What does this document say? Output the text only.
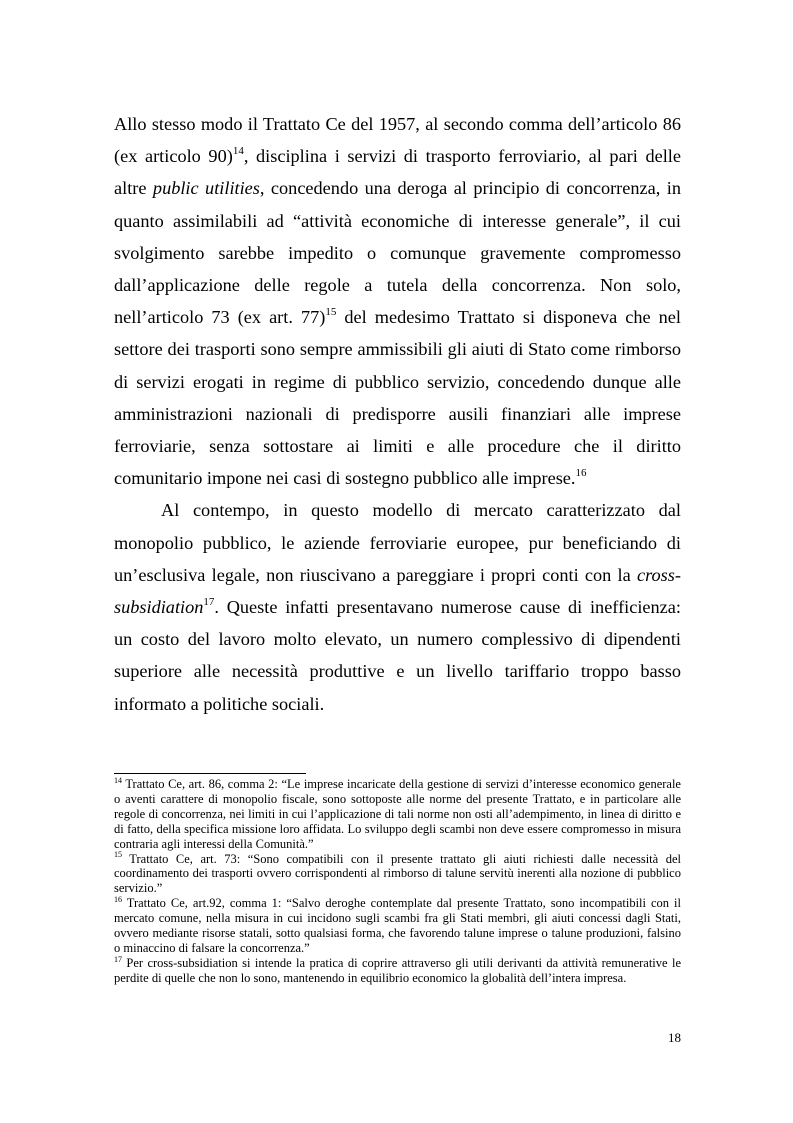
Allo stesso modo il Trattato Ce del 1957, al secondo comma dell’articolo 86 (ex articolo 90)$^{14}$, disciplina i servizi di trasporto ferroviario, al pari delle altre public utilities, concedendo una deroga al principio di concorrenza, in quanto assimilabili ad “attività economiche di interesse generale”, il cui svolgimento sarebbe impedito o comunque gravemente compromesso dall’applicazione delle regole a tutela della concorrenza. Non solo, nell’articolo 73 (ex art. 77)$^{15}$ del medesimo Trattato si disponeva che nel settore dei trasporti sono sempre ammissibili gli aiuti di Stato come rimborso di servizi erogati in regime di pubblico servizio, concedendo dunque alle amministrazioni nazionali di predisporre ausili finanziari alle imprese ferroviarie, senza sottostare ai limiti e alle procedure che il diritto comunitario impone nei casi di sostegno pubblico alle imprese.$^{16}$

Al contempo, in questo modello di mercato caratterizzato dal monopolio pubblico, le aziende ferroviarie europee, pur beneficiando di un’esclusiva legale, non riuscivano a pareggiare i propri conti con la cross-subsidiation$^{17}$. Queste infatti presentavano numerose cause di inefficienza: un costo del lavoro molto elevato, un numero complessivo di dipendenti superiore alle necessità produttive e un livello tariffario troppo basso informato a politiche sociali.

$^{14}$ Trattato Ce, art. 86, comma 2: “Le imprese incaricate della gestione di servizi d’interesse economico generale o aventi carattere di monopolio fiscale, sono sottoposte alle norme del presente Trattato, e in particolare alle regole di concorrenza, nei limiti in cui l’applicazione di tali norme non osti all’adempimento, in linea di diritto e di fatto, della specifica missione loro affidata. Lo sviluppo degli scambi non deve essere compromesso in misura contraria agli interessi della Comunità.”

$^{15}$ Trattato Ce, art. 73: “Sono compatibili con il presente trattato gli aiuti richiesti dalle necessità del coordinamento dei trasporti ovvero corrispondenti al rimborso di talune servitù inerenti alla nozione di pubblico servizio.”

$^{16}$ Trattato Ce, art.92, comma 1: “Salvo deroghe contemplate dal presente Trattato, sono incompatibili con il mercato comune, nella misura in cui incidono sugli scambi fra gli Stati membri, gli aiuti concessi dagli Stati, ovvero mediante risorse statali, sotto qualsiasi forma, che favorendo talune imprese o talune produzioni, falsino o minaccino di falsare la concorrenza.”

$^{17}$ Per cross-subsidiation si intende la pratica di coprire attraverso gli utili derivanti da attività remunerative le perdite di quelle che non lo sono, mantenendo in equilibrio economico la globalità dell’intera impresa.

18
